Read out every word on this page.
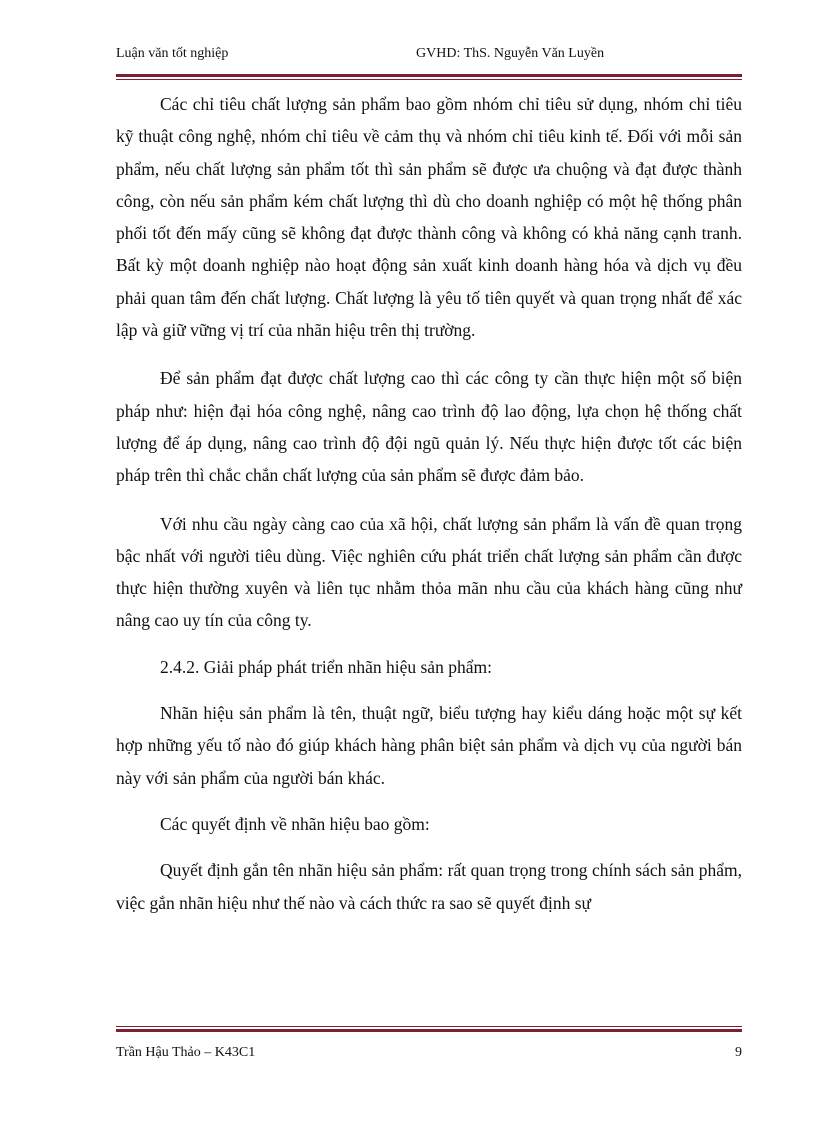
Luận văn tốt nghiệp	GVHD: ThS. Nguyễn Văn Luyền

Các chỉ tiêu chất lượng sản phẩm bao gồm nhóm chỉ tiêu sử dụng, nhóm chỉ tiêu kỹ thuật công nghệ, nhóm chỉ tiêu về cảm thụ và nhóm chỉ tiêu kinh tế. Đối với mỗi sản phẩm, nếu chất lượng sản phẩm tốt thì sản phẩm sẽ được ưa chuộng và đạt được thành công, còn nếu sản phẩm kém chất lượng thì dù cho doanh nghiệp có một hệ thống phân phối tốt đến mấy cũng sẽ không đạt được thành công và không có khả năng cạnh tranh. Bất kỳ một doanh nghiệp nào hoạt động sản xuất kinh doanh hàng hóa và dịch vụ đều phải quan tâm đến chất lượng. Chất lượng là yêu tố tiên quyết và quan trọng nhất để xác lập và giữ vững vị trí của nhãn hiệu trên thị trường.

Để sản phẩm đạt được chất lượng cao thì các công ty cần thực hiện một số biện pháp như: hiện đại hóa công nghệ, nâng cao trình độ lao động, lựa chọn hệ thống chất lượng để áp dụng, nâng cao trình độ đội ngũ quản lý. Nếu thực hiện được tốt các biện pháp trên thì chắc chắn chất lượng của sản phẩm sẽ được đảm bảo.

Với nhu cầu ngày càng cao của xã hội, chất lượng sản phẩm là vấn đề quan trọng bậc nhất với người tiêu dùng. Việc nghiên cứu phát triển chất lượng sản phẩm cần được thực hiện thường xuyên và liên tục nhằm thỏa mãn nhu cầu của khách hàng cũng như nâng cao uy tín của công ty.

2.4.2. Giải pháp phát triển nhãn hiệu sản phẩm:

Nhãn hiệu sản phẩm là tên, thuật ngữ, biểu tượng hay kiểu dáng hoặc một sự kết hợp những yếu tố nào đó giúp khách hàng phân biệt sản phẩm và dịch vụ của người bán này với sản phẩm của người bán khác.

Các quyết định về nhãn hiệu bao gồm:

Quyết định gắn tên nhãn hiệu sản phẩm: rất quan trọng trong chính sách sản phẩm, việc gắn nhãn hiệu như thế nào và cách thức ra sao sẽ quyết định sự

Trần Hậu Thảo – K43C1	9
